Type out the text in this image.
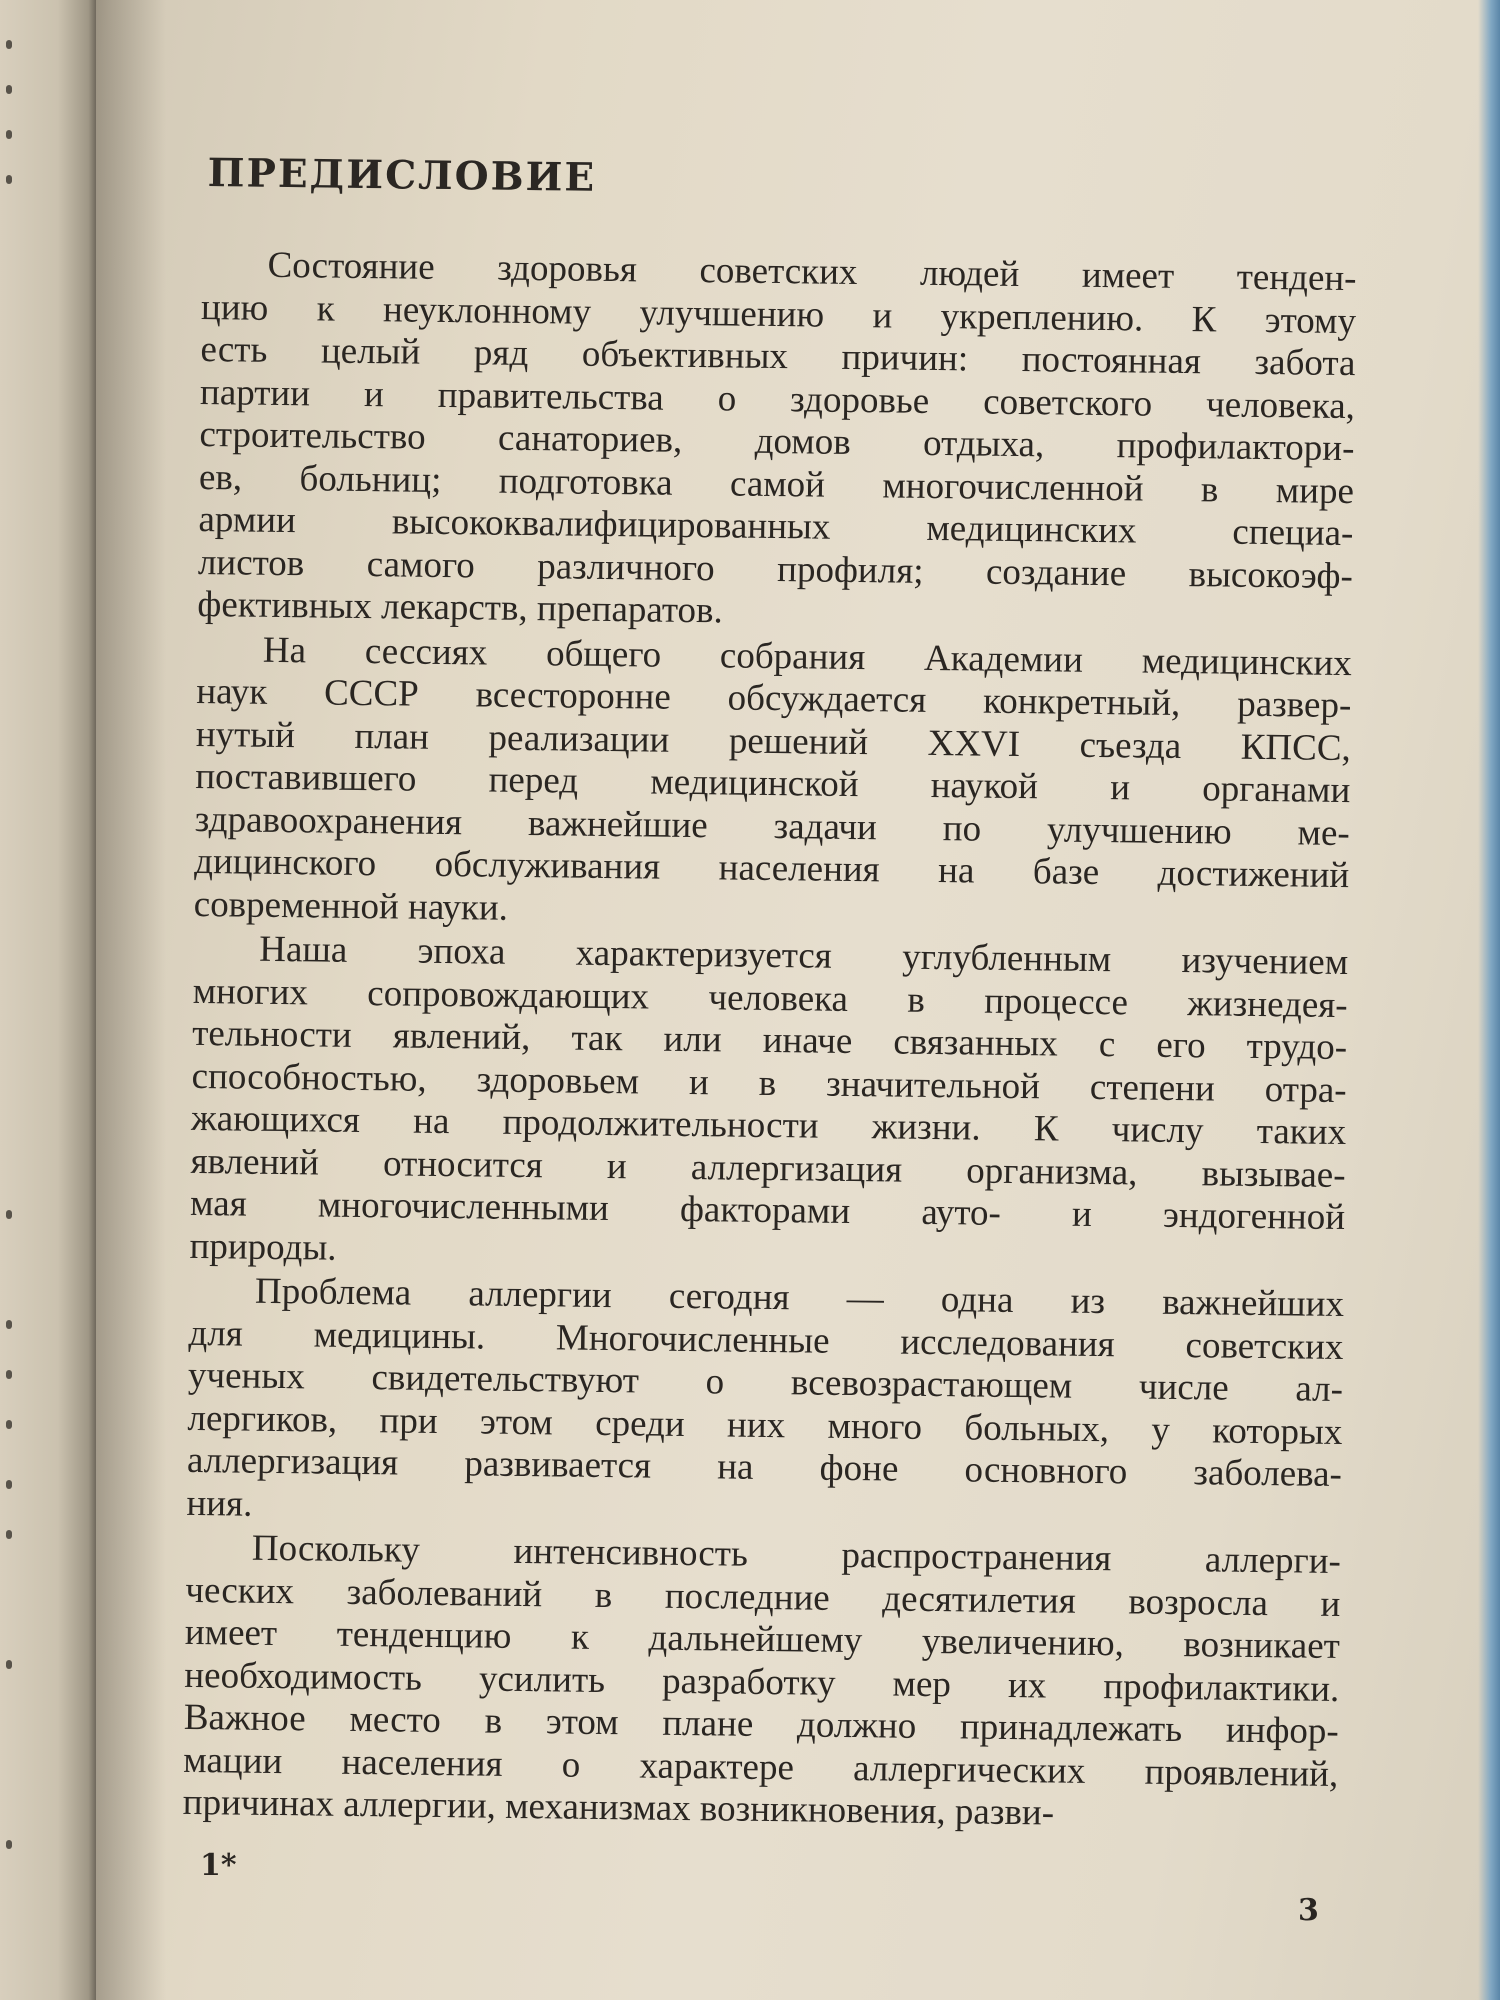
ПРЕДИСЛОВИЕ
Состояние здоровья советских людей имеет тенден-
цию к неуклонному улучшению и укреплению. К этому
есть целый ряд объективных причин: постоянная забота
партии и правительства о здоровье советского человека,
строительство санаториев, домов отдыха, профилактори-
ев, больниц; подготовка самой многочисленной в мире
армии высококвалифицированных медицинских специа-
листов самого различного профиля; создание высокоэф-
фективных лекарств, препаратов.
На сессиях общего собрания Академии медицинских
наук СССР всесторонне обсуждается конкретный, развер-
нутый план реализации решений XXVI съезда КПСС,
поставившего перед медицинской наукой и органами
здравоохранения важнейшие задачи по улучшению ме-
дицинского обслуживания населения на базе достижений
современной науки.
Наша эпоха характеризуется углубленным изучением
многих сопровождающих человека в процессе жизнедея-
тельности явлений, так или иначе связанных с его трудо-
способностью, здоровьем и в значительной степени отра-
жающихся на продолжительности жизни. К числу таких
явлений относится и аллергизация организма, вызывае-
мая многочисленными факторами ауто- и эндогенной
природы.
Проблема аллергии сегодня — одна из важнейших
для медицины. Многочисленные исследования советских
ученых свидетельствуют о всевозрастающем числе ал-
лергиков, при этом среди них много больных, у которых
аллергизация развивается на фоне основного заболева-
ния.
Поскольку интенсивность распространения аллерги-
ческих заболеваний в последние десятилетия возросла и
имеет тенденцию к дальнейшему увеличению, возникает
необходимость усилить разработку мер их профилактики.
Важное место в этом плане должно принадлежать инфор-
мации населения о характере аллергических проявлений,
причинах аллергии, механизмах возникновения, разви-
1*
3
